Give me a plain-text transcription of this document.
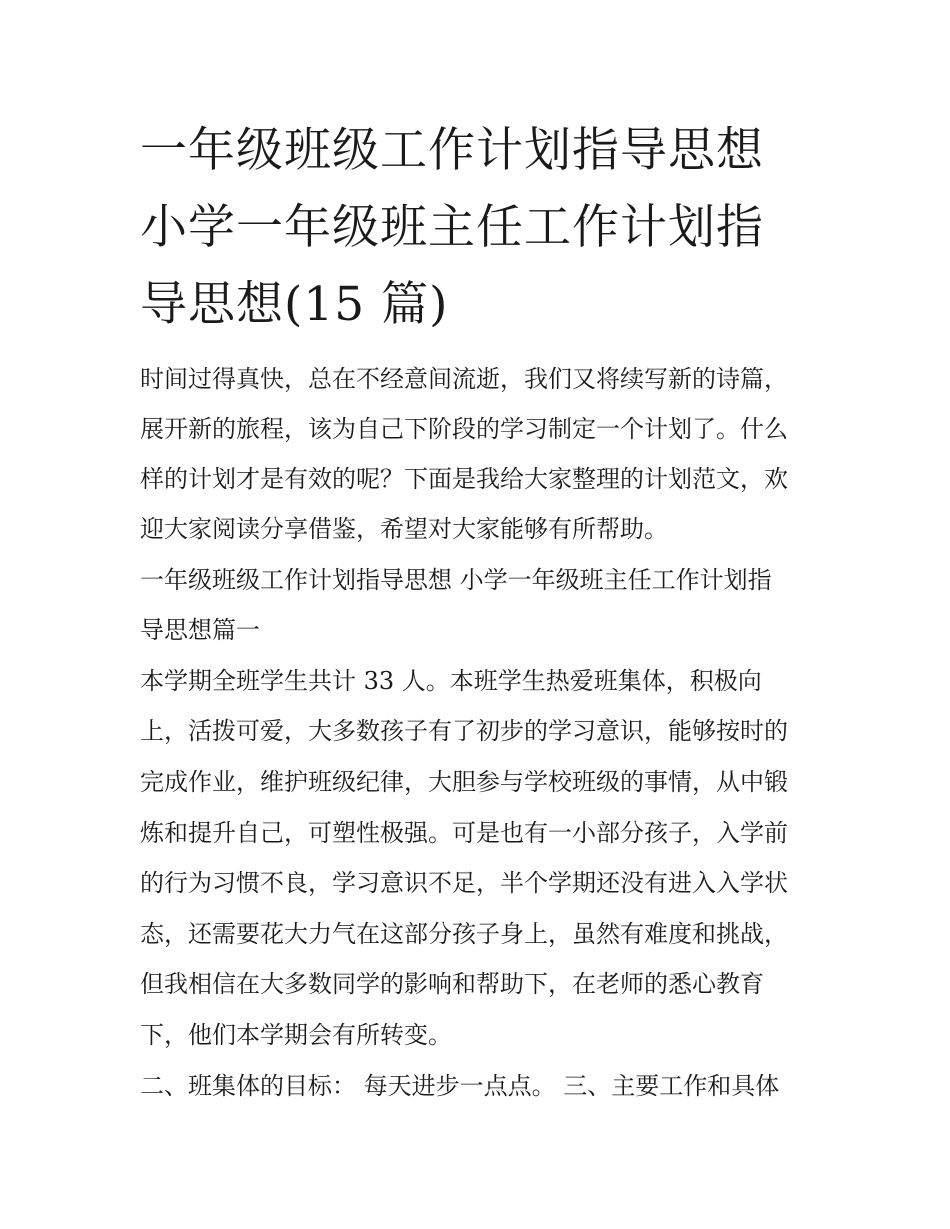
一年级班级工作计划指导思想
小学一年级班主任工作计划指
导思想(15 篇)

时间过得真快，总在不经意间流逝，我们又将续写新的诗篇，

展开新的旅程，该为自己下阶段的学习制定一个计划了。什么

样的计划才是有效的呢？下面是我给大家整理的计划范文，欢

迎大家阅读分享借鉴，希望对大家能够有所帮助。

一年级班级工作计划指导思想 小学一年级班主任工作计划指

导思想篇一

本学期全班学生共计 33 人。本班学生热爱班集体，积极向

上，活拨可爱，大多数孩子有了初步的学习意识，能够按时的

完成作业，维护班级纪律，大胆参与学校班级的事情，从中锻

炼和提升自己，可塑性极强。可是也有一小部分孩子，入学前

的行为习惯不良，学习意识不足，半个学期还没有进入入学状

态，还需要花大力气在这部分孩子身上，虽然有难度和挑战，

但我相信在大多数同学的影响和帮助下，在老师的悉心教育

下，他们本学期会有所转变。

二、班集体的目标： 每天进步一点点。 三、主要工作和具体
